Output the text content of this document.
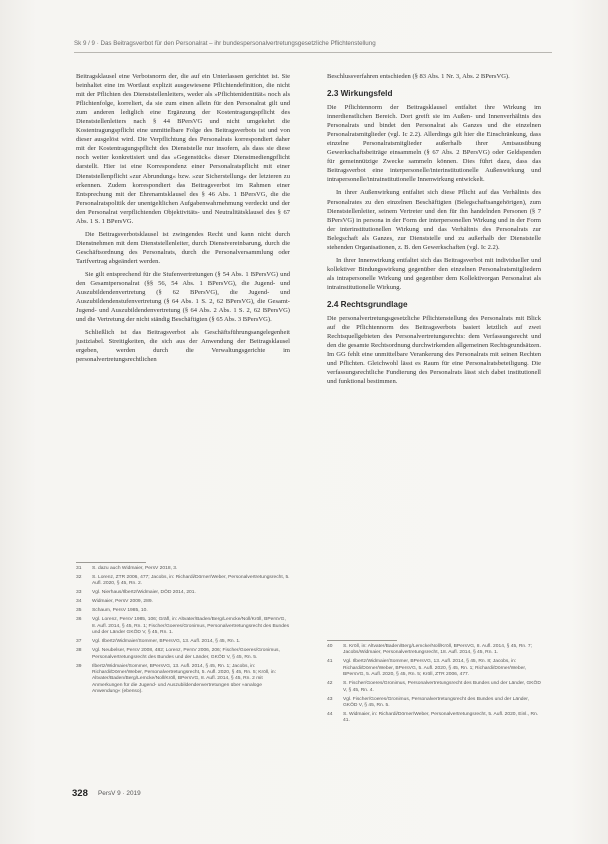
Sk 9 / 9 · Das Beitragsverbot für den Personalrat – ihr bundespersonalvertretungsgesetzliche Pflichtenstellung

Beitragsklausel eine Verbotsnorm der, die auf ein Unterlassen gerichtet ist. Sie beinhaltet eine im Wortlaut explizit ausgewiesene Pflichtendefinition, die nicht mit der Pflichten des Dienststellenleiters, weder als »Pflichtenidentität« noch als Pflichtenfolge, korreliert, da sie zum einen allein für den Personalrat gilt und zum anderen lediglich eine Ergänzung der Kostentragungspflicht des Dienststellenleiters nach § 44 BPersVG und nicht umgekehrt die Kostentragungspflicht eine unmittelbare Folge des Beitragsverbots ist und von dieser ausgelöst wird. Die Verpflichtung des Personalrats korrespondiert daher mit der Kostentragungspflicht des Dienststelle nur insofern, als dass sie diese noch weiter konkretisiert und das »Gegenstück« dieser Dienstmediengpflicht darstellt. Hier ist eine Korrespondenz einer Personalratspflicht mit einer Dienststellenpflicht »zur Abrundung« bzw. »zur Sicherstellung« der letzteren zu erkennen. Zudem korrespondiert das Beitragsverbot im Rahmen einer Entsprechung mit der Ehrenamtsklausel des § 46 Abs. 1 BPersVG, die die Personalratspolitik der unentgeltlichen Aufgabenwahrnehmung verdeckt und der den Personalrat verpflichtenden Objektivitäts- und Neutralitätsklausel des § 67 Abs. 1 S. 1 BPersVG.

Die Beitragsverbotsklausel ist zwingendes Recht und kann nicht durch Dienstnehmen mit dem Dienststellenleiter, durch Dienstvereinbarung, durch die Geschäftsordnung des Personalrats, durch die Personalversammlung oder Tarifvertrag abgeändert werden.

Sie gilt entsprechend für die Stufenvertretungen (§ 54 Abs. 1 BPersVG) und den Gesamtpersonalrat (§§ 56, 54 Abs. 1 BPersVG), die Jugend- und Auszubildendenvertretung (§ 62 BPersVG), die Jugend- und Auszubildendenstufenvertretung (§ 64 Abs. 1 S. 2, 62 BPersVG), die Gesamt-Jugend- und Auszubildendenvertretung (§ 64 Abs. 2 Abs. 1 S. 2, 62 BPersVG) und die Vertretung der nicht ständig Beschäftigten (§ 65 Abs. 3 BPersVG).

Schließlich ist das Beitragsverbot als Geschäftsführungsangelegenheit justiziabel. Streitigkeiten, die sich aus der Anwendung der Beitragsklausel ergeben, werden durch die Verwaltungsgerichte im personalvertretungsrechtlichen

Beschlussverfahren entschieden (§ 83 Abs. 1 Nr. 3, Abs. 2 BPersVG).

2.3 Wirkungsfeld

Die Pflichtennorm der Beitragsklausel entfaltet ihre Wirkung im innerdienstlichen Bereich. Dort greift sie im Außen- und Innenverhältnis des Personalrats und bindet den Personalrat als Ganzes und die einzelnen Personalratsmitglieder (vgl. Ic 2.2). Allerdings gilt hier die Einschränkung, dass einzelne Personalratsmitglieder außerhalb ihrer Amtsausübung Gewerkschaftsbeiträge einsammeln (§ 67 Abs. 2 BPersVG) oder Geldspenden für gemeinnützige Zwecke sammeln können. Dies führt dazu, dass das Beitragsverbot eine interpersonelle/interinstitutionelle Außenwirkung und intrapersonelle/intrainstitutionelle Innenwirkung entwickelt.

In ihrer Außenwirkung entfaltet sich diese Pflicht auf das Verhältnis des Personalrates zu den einzelnen Beschäftigten (Belegschaftsangehörigen), zum Dienststellenleiter, seinem Vertreter und den für ihn handelnden Personen (§ 7 BPersVG) in persona in der Form der interpersonellen Wirkung und in der Form der interinstitutionellen Wirkung und das Verhältnis des Personalrats zur Belegschaft als Ganzes, zur Dienststelle und zu außerhalb der Dienststelle stehenden Organisationen, z. B. den Gewerkschaften (vgl. Ic 2.2).

In ihrer Innenwirkung entfaltet sich das Beitragsverbot mit individueller und kollektiver Bindungswirkung gegenüber den einzelnen Personalratsmitgliedern als intrapersonelle Wirkung und gegenüber dem Kollektivorgan Personalrat als intrainstitutionelle Wirkung.

2.4 Rechtsgrundlage

Die personalvertretungsgesetzliche Pflichtenstellung des Personalrats mit Blick auf die Pflichtennorm des Beitragsverbots basiert letztlich auf zwei Rechtsquellgebieten des Personalvertretungsrechts: dem Verfassungsrecht und den die gesamte Rechtsordnung durchwirkenden allgemeinen Rechtsgrundsätzen. Im GG fehlt eine unmittelbare Verankerung des Personalrats mit seinen Rechten und Pflichten. Gleichwohl lässt es Raum für eine Personalratsbeteiligung. Die verfassungsrechtliche Fundierung des Personalrats lässt sich dabei institutionell und funktional bestimmen.

31	S. dazu auch Widmaier, PersV 2018, 3.
32	S. Lorenz, ZTR 2006, 477; Jacobs, in: Richardi/Dörner/Weber, Personalvertretungsrecht, 5. Aufl. 2020, § 45, Rn. 2.
33	Vgl. Nierhaus/Ilbertz/Widmaier, DÖD 2014, 201.
34	Widmaier, PersV 2009, 289.
35	Schaum, PersV 1985, 10.
36	Vgl. Lorenz, PersV 1985, 106; Gräfl, in: Altvater/Baden/Berg/Lemcke/Noll/Kröll, BPersVG, 8. Aufl. 2014, § 45, Rn. 1; Fischer/Goeres/Gronimus, Personalvertretungsrecht des Bundes und der Länder GKÖD V, § 45, Rn. 1.
37	Vgl. Ilbertz/Widmaier/Sommer, BPersVG, 13. Aufl. 2014, § 45, Rn. 1.
38	Vgl. Neubelser, PersV 2008, 482; Lorenz, PersV 2006, 206; Fischer/Goeres/Gronimus, Personalvertretungsrecht des Bundes und der Länder, GKÖD V, § 45, Rn. 5.
39	Ilbertz/Widmaier/Sommer, BPersVG, 13. Aufl. 2014, § 45, Rn. 1; Jacobs, in: Richardi/Dörner/Weber, Personalvertretungsrecht, 5. Aufl. 2020, § 45, Rn. 5; Kröll, in: Altvater/Baden/Berg/Lemcke/Noll/Kröll, BPersVG, 8. Aufl. 2014, § 45, Rn. 2 mit Anmerkungen für die Jugend- und Auszubildendenvertretungen über »analoge Anwendung« (ebenso).
40	S. Kröll, in: Altvater/Baden/Berg/Lemcke/Noll/Kröll, BPersVG, 8. Aufl. 2014, § 45, Rn. 7; Jacobs/Widmaier, Personalvertretungsrecht, 18. Aufl. 2014, § 45, Rn. 1.
41	Vgl. Ilbertz/Widmaier/Sommer, BPersVG, 13. Aufl. 2014, § 45, Rn. 8; Jacobs, in: Richardi/Dörner/Weber, BPersVG, 5. Aufl. 2020, § 45, Rn. 1; Richardi/Dörner/Weber, BPersVG, 5. Aufl. 2020, § 45, Rn. 5; Kröll, ZTR 2006, 477.
42	S. Fischer/Goeres/Gronimus, Personalvertretungsrecht des Bundes und der Länder, GKÖD V, § 45, Rn. 4.
43	Vgl. Fischer/Goeres/Gronimus, Personalvertretungsrecht des Bundes und der Länder, GKÖD V, § 45, Rn. 5.
44	S. Widmaier, in: Richardi/Dörner/Weber, Personalvertretungsrecht, 5. Aufl. 2020, Einl., Rn. 41.
328 PersV 9 · 2019
